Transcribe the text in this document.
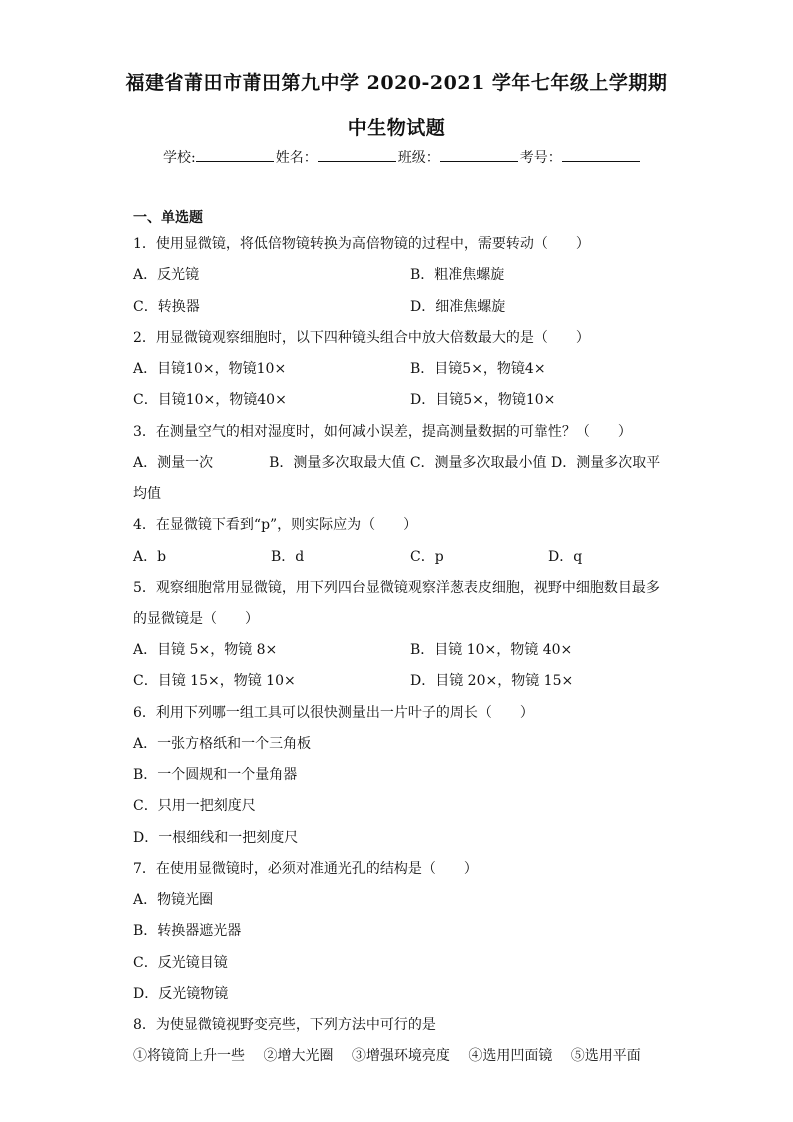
福建省莆田市莆田第九中学 2020-2021 学年七年级上学期期
中生物试题
学校:	姓名：	班级：	考号：
一、单选题
1．使用显微镜，将低倍物镜转换为高倍物镜的过程中，需要转动（　　）
A．反光镜	B．粗准焦螺旋
C．转换器	D．细准焦螺旋
2．用显微镜观察细胞时，以下四种镜头组合中放大倍数最大的是（　　）
A．目镜10×，物镜10×	B．目镜5×，物镜4×
C．目镜10×，物镜40×	D．目镜5×，物镜10×
3．在测量空气的相对湿度时，如何减小误差，提高测量数据的可靠性？（　　）
A．测量一次　　　　B．测量多次取最大值 C．测量多次取最小值 D．测量多次取平
均值
4．在显微镜下看到“p”，则实际应为（　　）
A．b	B．d	C．p	D．q
5．观察细胞常用显微镜，用下列四台显微镜观察洋葱表皮细胞，视野中细胞数目最多
的显微镜是（　　）
A．目镜 5×，物镜 8×	B．目镜 10×，物镜 40×
C．目镜 15×，物镜 10×	D．目镜 20×，物镜 15×
6．利用下列哪一组工具可以很快测量出一片叶子的周长（　　）
A．一张方格纸和一个三角板
B．一个圆规和一个量角器
C．只用一把刻度尺
D．一根细线和一把刻度尺
7．在使用显微镜时，必须对准通光孔的结构是（　　）
A．物镜光圈
B．转换器遮光器
C．反光镜目镜
D．反光镜物镜
8．为使显微镜视野变亮些，下列方法中可行的是
①将镜筒上升一些　 ②增大光圈　 ③增强环境亮度　 ④选用凹面镜　 ⑤选用平面
